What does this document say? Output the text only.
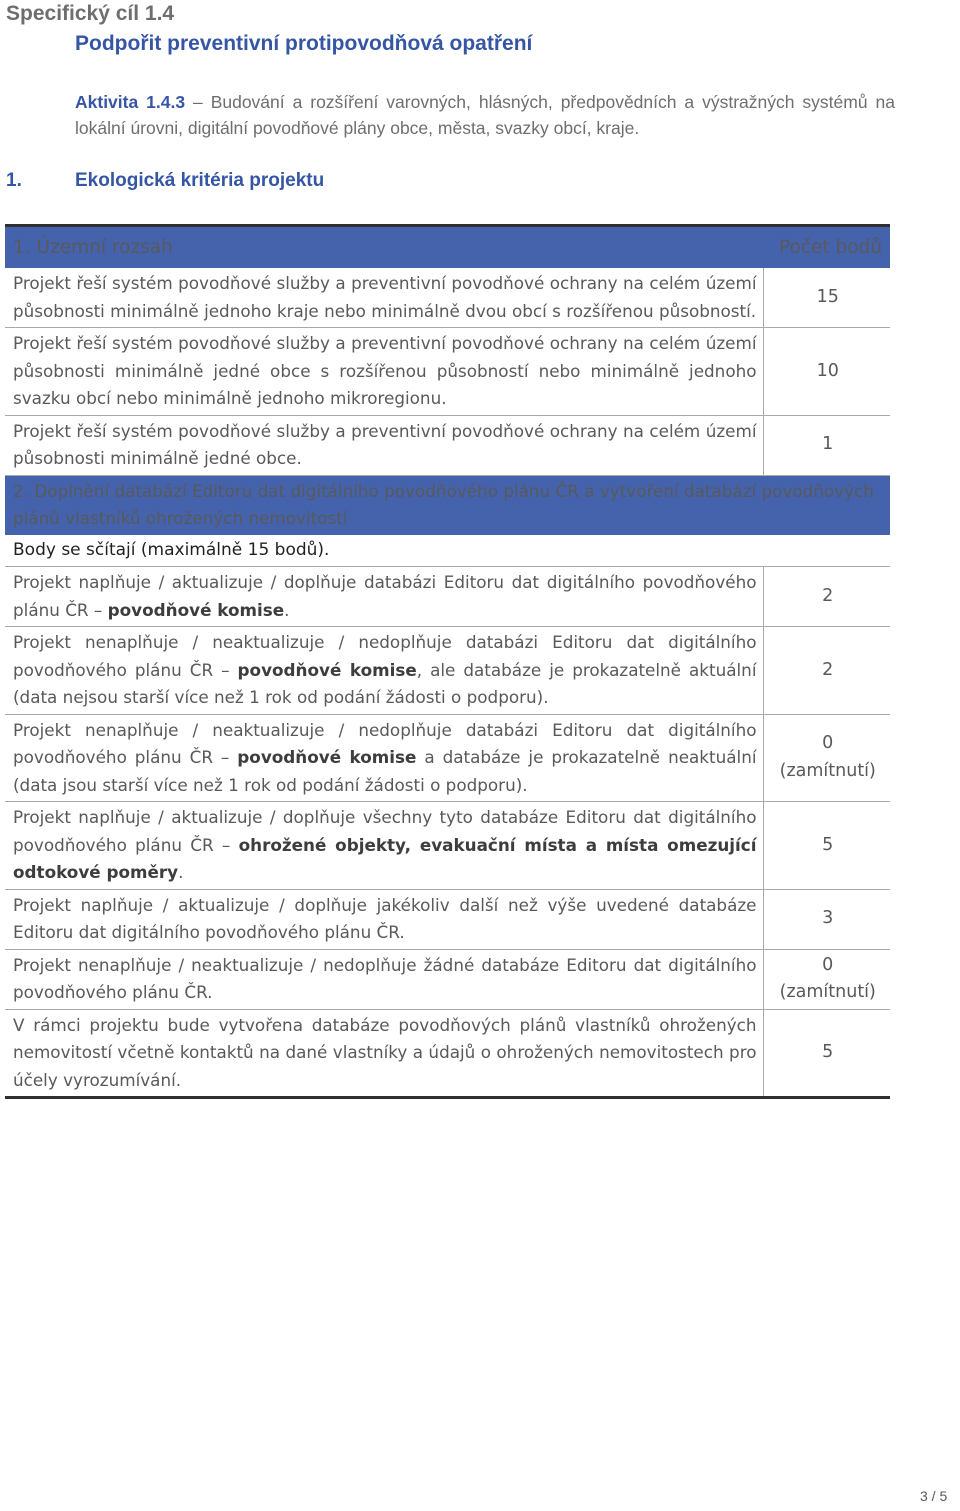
Specifický cíl 1.4
Podpořit preventivní protipovodňová opatření
Aktivita 1.4.3 – Budování a rozšíření varovných, hlásných, předpovědních a výstražných systémů na lokální úrovni, digitální povodňové plány obce, města, svazky obcí, kraje.
1.	Ekologická kritéria projektu
1. Územní rozsah	Počet bodů
Projekt řeší systém povodňové služby a preventivní povodňové ochrany na celém území působnosti minimálně jednoho kraje nebo minimálně dvou obcí s rozšířenou působností.	15
Projekt řeší systém povodňové služby a preventivní povodňové ochrany na celém území působnosti minimálně jedné obce s rozšířenou působností nebo minimálně jednoho svazku obcí nebo minimálně jednoho mikroregionu.	10
Projekt řeší systém povodňové služby a preventivní povodňové ochrany na celém území působnosti minimálně jedné obce.	1
2. Doplnění databází Editoru dat digitálního povodňového plánu ČR a vytvoření databází povodňových plánů vlastníků ohrožených nemovitostí	
Body se sčítají (maximálně 15 bodů).	
Projekt naplňuje / aktualizuje / doplňuje databázi Editoru dat digitálního povodňového plánu ČR – povodňové komise.	2

Projekt nenaplňuje / neaktualizuje / nedoplňuje databázi Editoru dat digitálního povodňového plánu ČR – povodňové komise, ale databáze je prokazatelně aktuální (data nejsou starší více než 1 rok od podání žádosti o podporu).	2

Projekt nenaplňuje / neaktualizuje / nedoplňuje databázi Editoru dat digitálního povodňového plánu ČR – povodňové komise a databáze je prokazatelně neaktuální (data jsou starší více než 1 rok od podání žádosti o podporu).	0
(zamítnutí)

Projekt naplňuje / aktualizuje / doplňuje všechny tyto databáze Editoru dat digitálního povodňového plánu ČR – ohrožené objekty, evakuační místa a místa omezující odtokové poměry.	5

Projekt naplňuje / aktualizuje / doplňuje jakékoliv další než výše uvedené databáze Editoru dat digitálního povodňového plánu ČR.	3

Projekt nenaplňuje / neaktualizuje / nedoplňuje žádné databáze Editoru dat digitálního povodňového plánu ČR.	0
(zamítnutí)

V rámci projektu bude vytvořena databáze povodňových plánů vlastníků ohrožených nemovitostí včetně kontaktů na dané vlastníky a údajů o ohrožených nemovitostech pro účely vyrozumívání.	5
3 / 5
